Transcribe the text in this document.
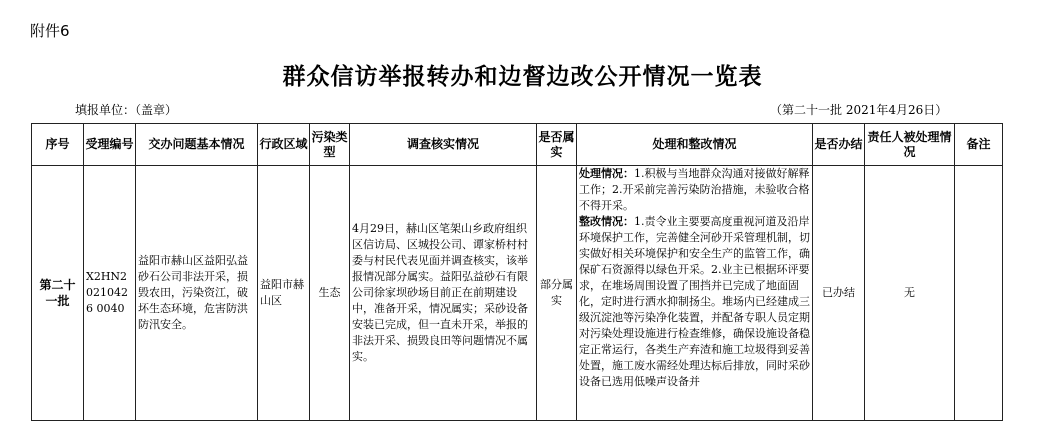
附件6
群众信访举报转办和边督边改公开情况一览表
填报单位：（盖章）	（第二十一批 2021年4月26日）
序号	受理编号	交办问题基本情况	行政区域	污染类型	调查核实情况	是否属实	处理和整改情况	是否办结	责任人被处理情况	备注
第二十一批	X2HN20210426 0040	益阳市赫山区益阳弘益砂石公司非法开采，损毁农田，污染资江，破坏生态环境，危害防洪防汛安全。	益阳市赫山区	生态	4月29日，赫山区笔架山乡政府组织区信访局、区城投公司、谭家桥村村委与村民代表见面并调查核实，该举报情况部分属实。益阳弘益砂石有限公司徐家坝砂场目前正在前期建设中，准备开采，情况属实；采砂设备安装已完成，但一直未开采，举报的非法开采、损毁良田等问题情况不属实。	部分属实	处理情况：1.积极与当地群众沟通对接做好解释工作；2.开采前完善污染防治措施，未验收合格不得开采。

整改情况：1.责令业主要要高度重视河道及沿岸环境保护工作，完善健全河砂开采管理机制，切实做好相关环境保护和安全生产的监管工作，确保矿石资源得以绿色开采。2.业主已根据环评要求，在堆场周围设置了围挡并已完成了地面固化，定时进行洒水抑制扬尘。堆场内已经建成三级沉淀池等污染净化装置，并配备专职人员定期对污染处理设施进行检查维修，确保设施设备稳定正常运行，各类生产弃渣和施工垃圾得到妥善处置，施工废水需经处理达标后排放，同时采砂设备已选用低噪声设备并	已办结	无	
